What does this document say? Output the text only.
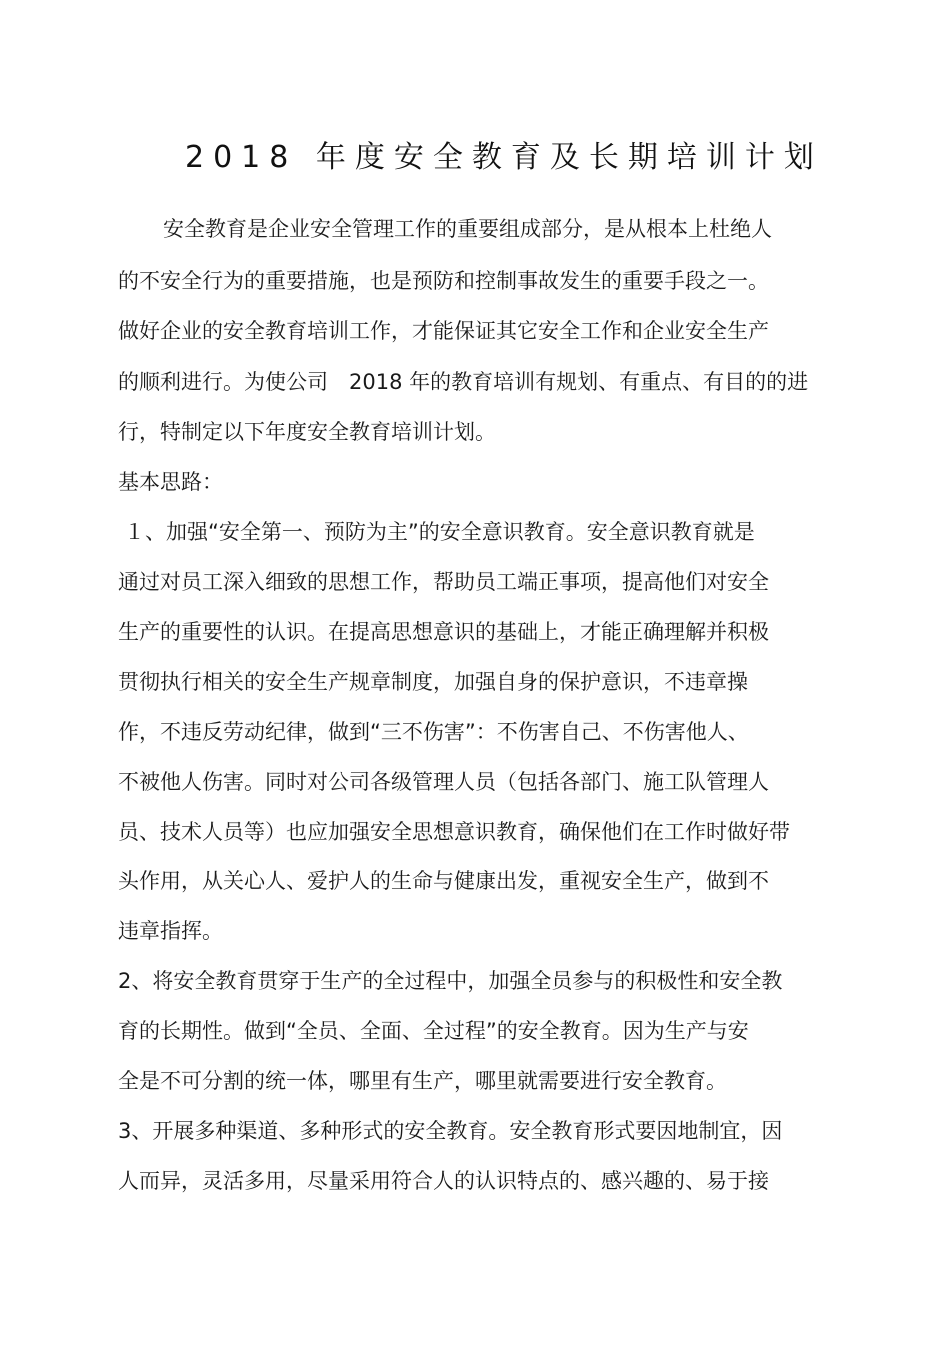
2018 年度安全教育及长期培训计划
安全教育是企业安全管理工作的重要组成部分，是从根本上杜绝人
的不安全行为的重要措施，也是预防和控制事故发生的重要手段之一。
做好企业的安全教育培训工作，才能保证其它安全工作和企业安全生产
的顺利进行。为使公司　2018 年的教育培训有规划、有重点、有目的的进
行，特制定以下年度安全教育培训计划。
基本思路：
１、加强“安全第一、预防为主”的安全意识教育。安全意识教育就是
通过对员工深入细致的思想工作，帮助员工端正事项，提高他们对安全
生产的重要性的认识。在提高思想意识的基础上，才能正确理解并积极
贯彻执行相关的安全生产规章制度，加强自身的保护意识，不违章操
作，不违反劳动纪律，做到“三不伤害”：不伤害自己、不伤害他人、
不被他人伤害。同时对公司各级管理人员（包括各部门、施工队管理人
员、技术人员等）也应加强安全思想意识教育，确保他们在工作时做好带
头作用，从关心人、爱护人的生命与健康出发，重视安全生产，做到不
违章指挥。
2、将安全教育贯穿于生产的全过程中，加强全员参与的积极性和安全教
育的长期性。做到“全员、全面、全过程”的安全教育。因为生产与安
全是不可分割的统一体，哪里有生产，哪里就需要进行安全教育。
3、开展多种渠道、多种形式的安全教育。安全教育形式要因地制宜，因
人而异，灵活多用，尽量采用符合人的认识特点的、感兴趣的、易于接
